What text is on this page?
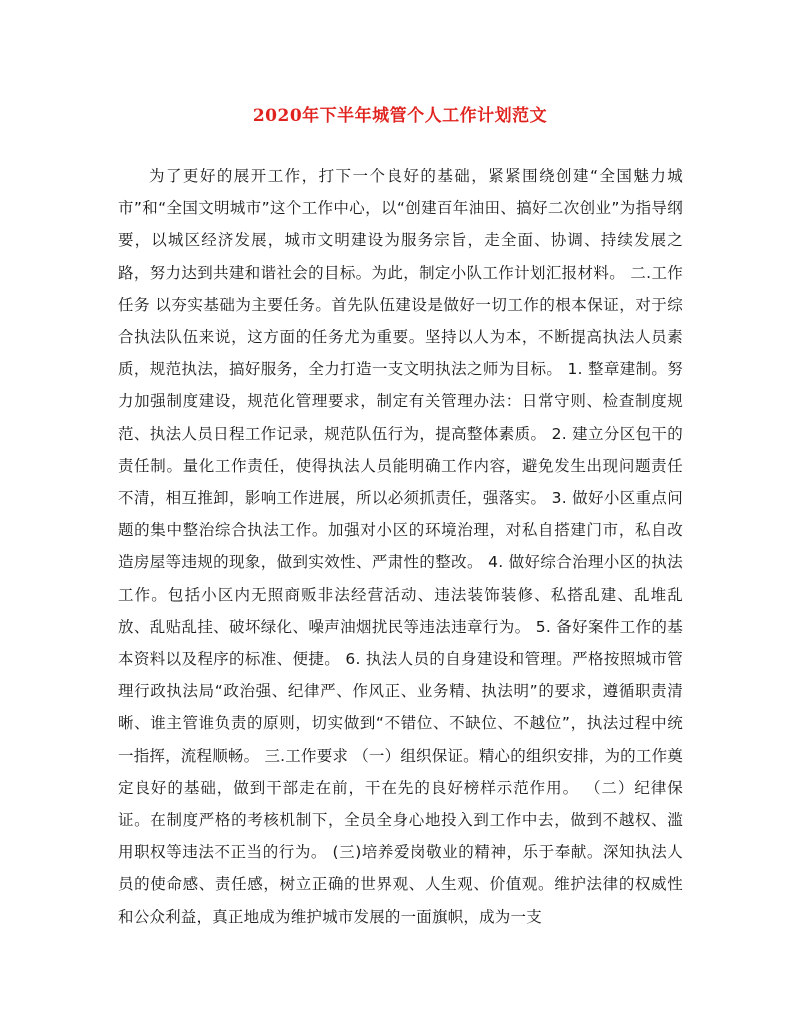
2020年下半年城管个人工作计划范文
为了更好的展开工作，打下一个良好的基础，紧紧围绕创建“全国魅力城市”和“全国文明城市”这个工作中心，以“创建百年油田、搞好二次创业”为指导纲要，以城区经济发展，城市文明建设为服务宗旨，走全面、协调、持续发展之路，努力达到共建和谐社会的目标。为此，制定小队工作计划汇报材料。 二.工作任务 以夯实基础为主要任务。首先队伍建设是做好一切工作的根本保证，对于综合执法队伍来说，这方面的任务尤为重要。坚持以人为本，不断提高执法人员素质，规范执法，搞好服务，全力打造一支文明执法之师为目标。 1. 整章建制。努力加强制度建设，规范化管理要求，制定有关管理办法：日常守则、检查制度规范、执法人员日程工作记录，规范队伍行为，提高整体素质。 2. 建立分区包干的责任制。量化工作责任，使得执法人员能明确工作内容，避免发生出现问题责任不清，相互推卸，影响工作进展，所以必须抓责任，强落实。 3. 做好小区重点问题的集中整治综合执法工作。加强对小区的环境治理，对私自搭建门市，私自改造房屋等违规的现象，做到实效性、严肃性的整改。 4. 做好综合治理小区的执法工作。包括小区内无照商贩非法经营活动、违法装饰装修、私搭乱建、乱堆乱放、乱贴乱挂、破坏绿化、噪声油烟扰民等违法违章行为。 5. 备好案件工作的基本资料以及程序的标准、便捷。 6. 执法人员的自身建设和管理。严格按照城市管理行政执法局“政治强、纪律严、作风正、业务精、执法明”的要求，遵循职责清晰、谁主管谁负责的原则，切实做到“不错位、不缺位、不越位”，执法过程中统一指挥，流程顺畅。 三.工作要求 （一）组织保证。精心的组织安排，为的工作奠定良好的基础，做到干部走在前，干在先的良好榜样示范作用。 （二）纪律保证。在制度严格的考核机制下，全员全身心地投入到工作中去，做到不越权、滥用职权等违法不正当的行为。 (三)培养爱岗敬业的精神，乐于奉献。深知执法人员的使命感、责任感，树立正确的世界观、人生观、价值观。维护法律的权威性和公众利益，真正地成为维护城市发展的一面旗帜，成为一支
